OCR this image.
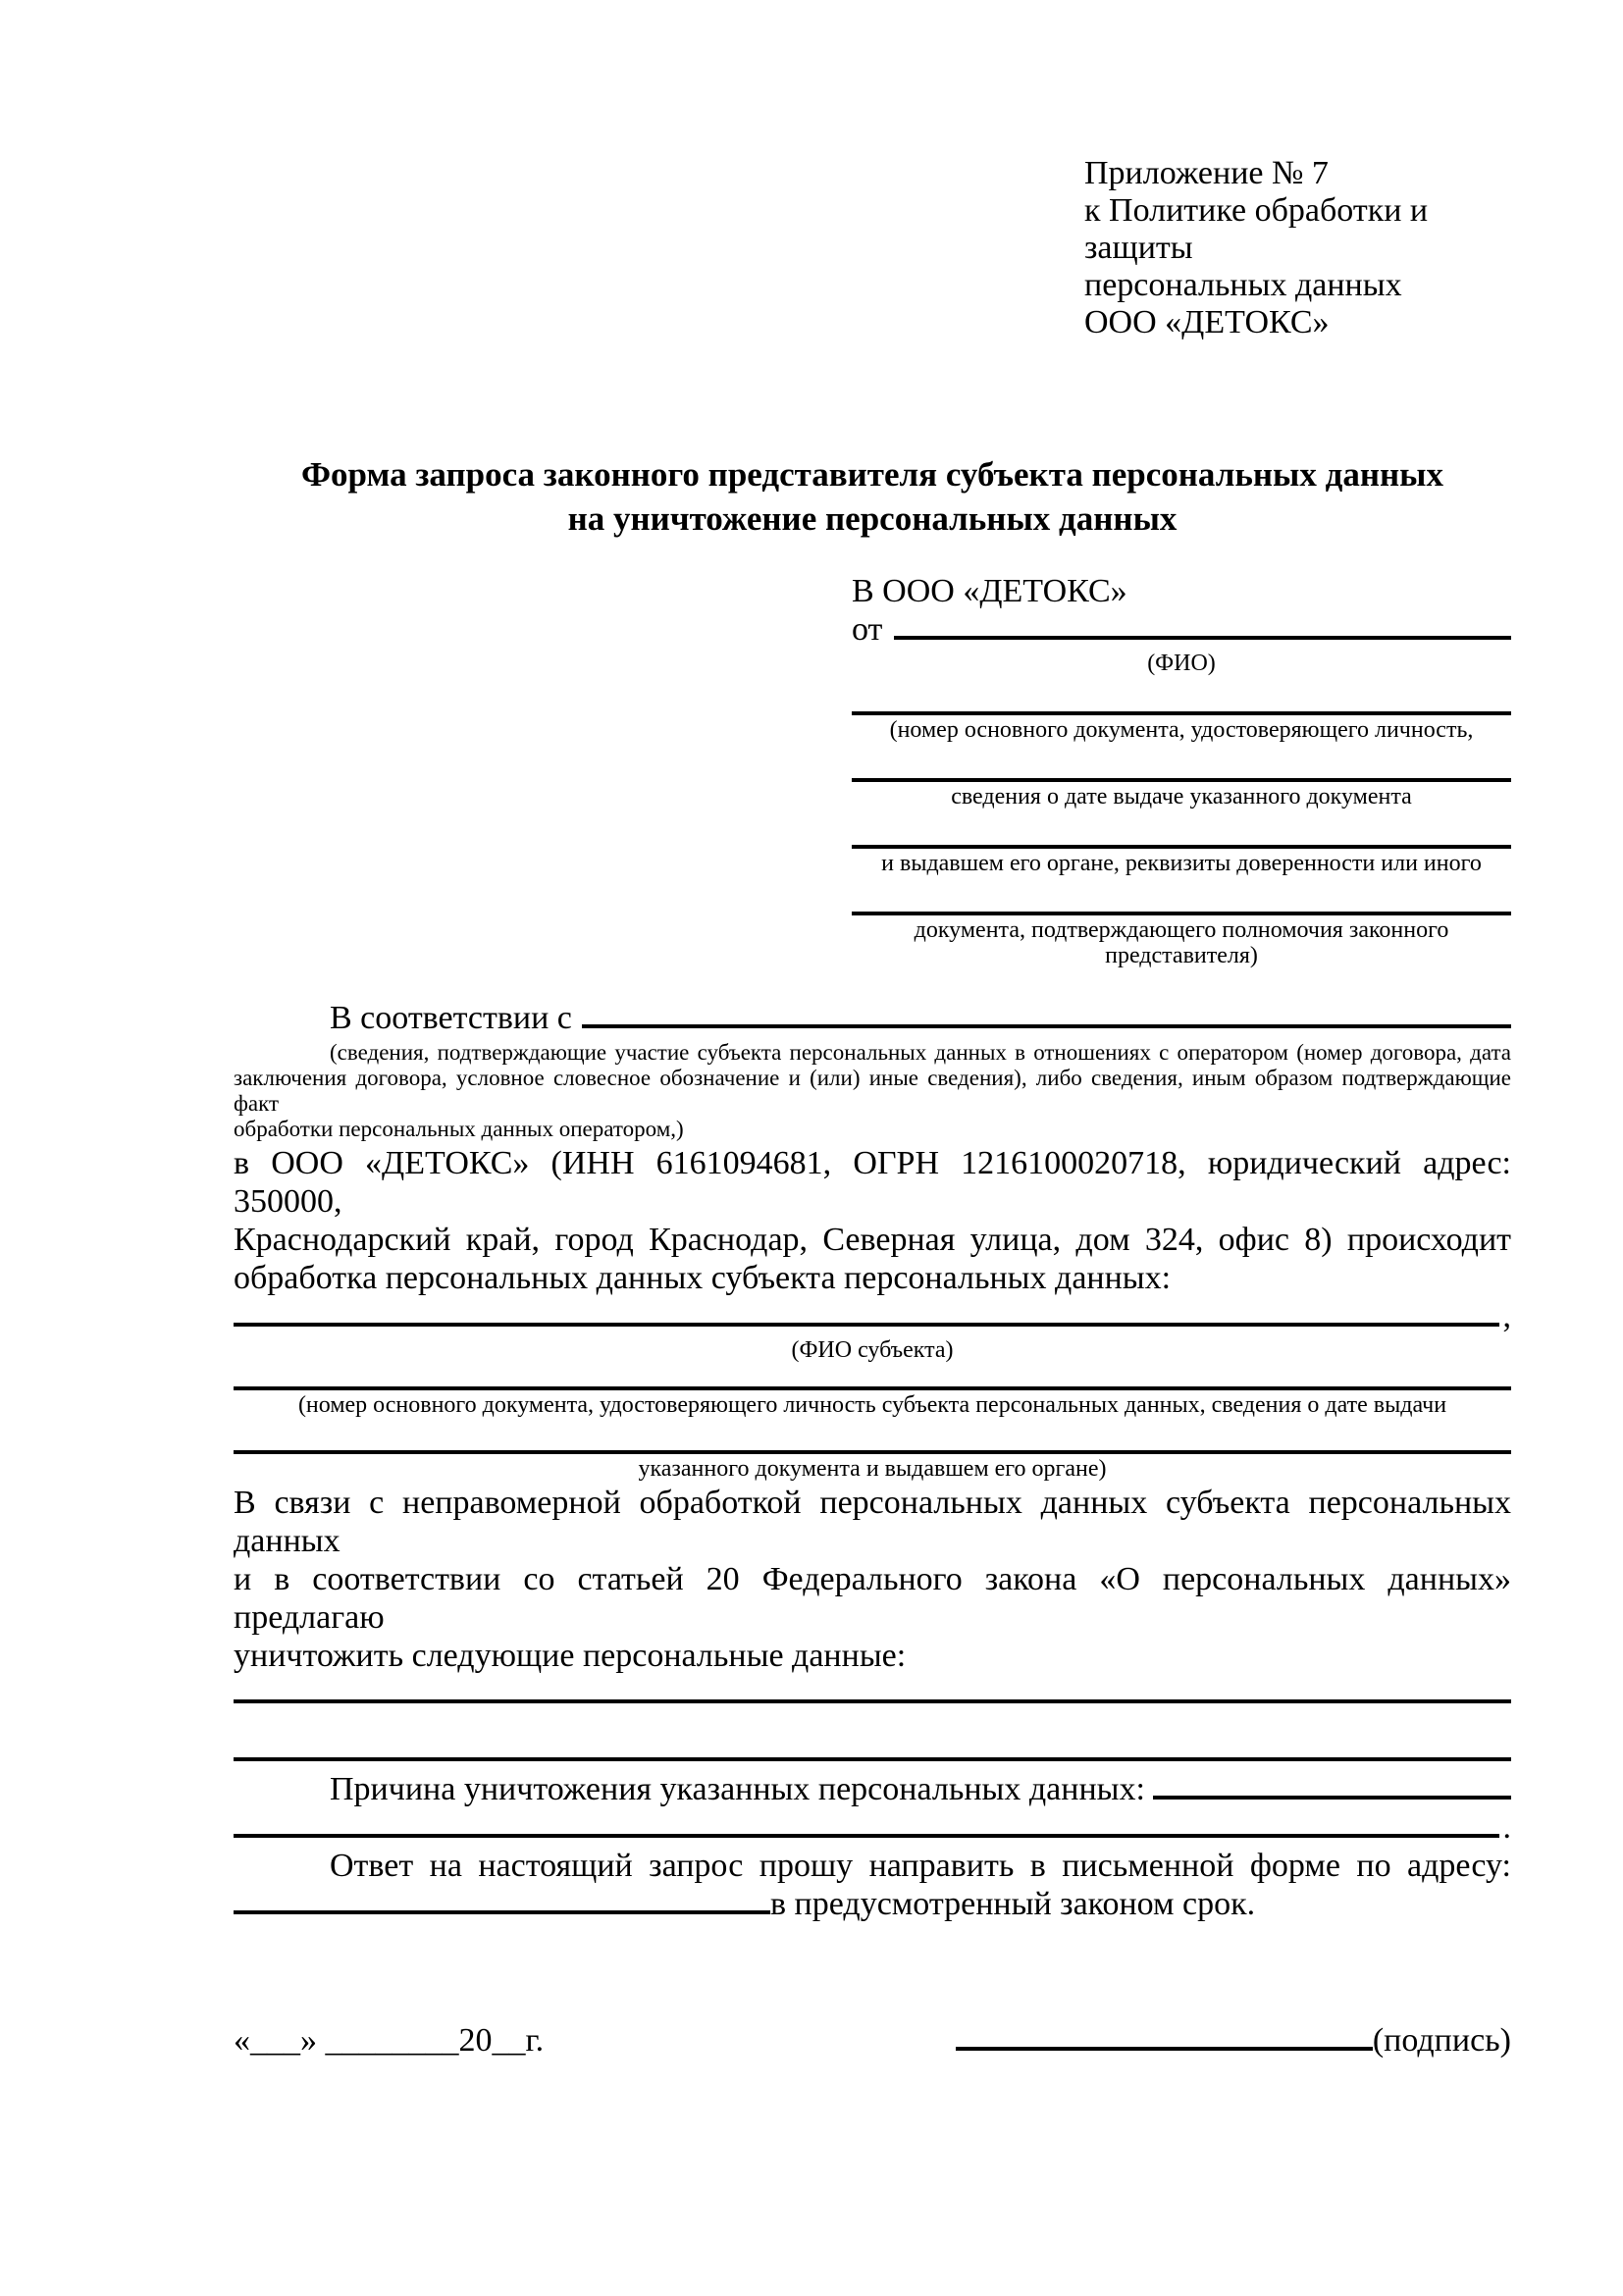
Приложение № 7
к Политике обработки и защиты
персональных данных
ООО «ДЕТОКС»
Форма запроса законного представителя субъекта персональных данных
на уничтожение персональных данных
В ООО «ДЕТОКС»
от
(ФИО)
(номер основного документа, удостоверяющего личность,
сведения о дате выдаче указанного документа
и выдавшем его органе, реквизиты доверенности или иного
документа, подтверждающего полномочия законного представителя)
В соответствии с
(сведения, подтверждающие участие субъекта персональных данных в отношениях с оператором (номер договора, дата
заключения договора, условное словесное обозначение и (или) иные сведения), либо сведения, иным образом подтверждающие факт
обработки персональных данных оператором,)
в ООО «ДЕТОКС» (ИНН 6161094681, ОГРН 1216100020718, юридический адрес: 350000,
Краснодарский край, город Краснодар, Северная улица, дом 324, офис 8) происходит
обработка персональных данных субъекта персональных данных:
,
(ФИО субъекта)
(номер основного документа, удостоверяющего личность субъекта персональных данных, сведения о дате выдачи
указанного документа и выдавшем его органе)
В связи с неправомерной обработкой персональных данных субъекта персональных данных
и в соответствии со статьей 20 Федерального закона «О персональных данных» предлагаю
уничтожить следующие персональные данные:
Причина уничтожения указанных персональных данных:
.
Ответ на настоящий запрос прошу направить в письменной форме по адресу:
в предусмотренный законом срок.
«___» ________20__г.	(подпись)
